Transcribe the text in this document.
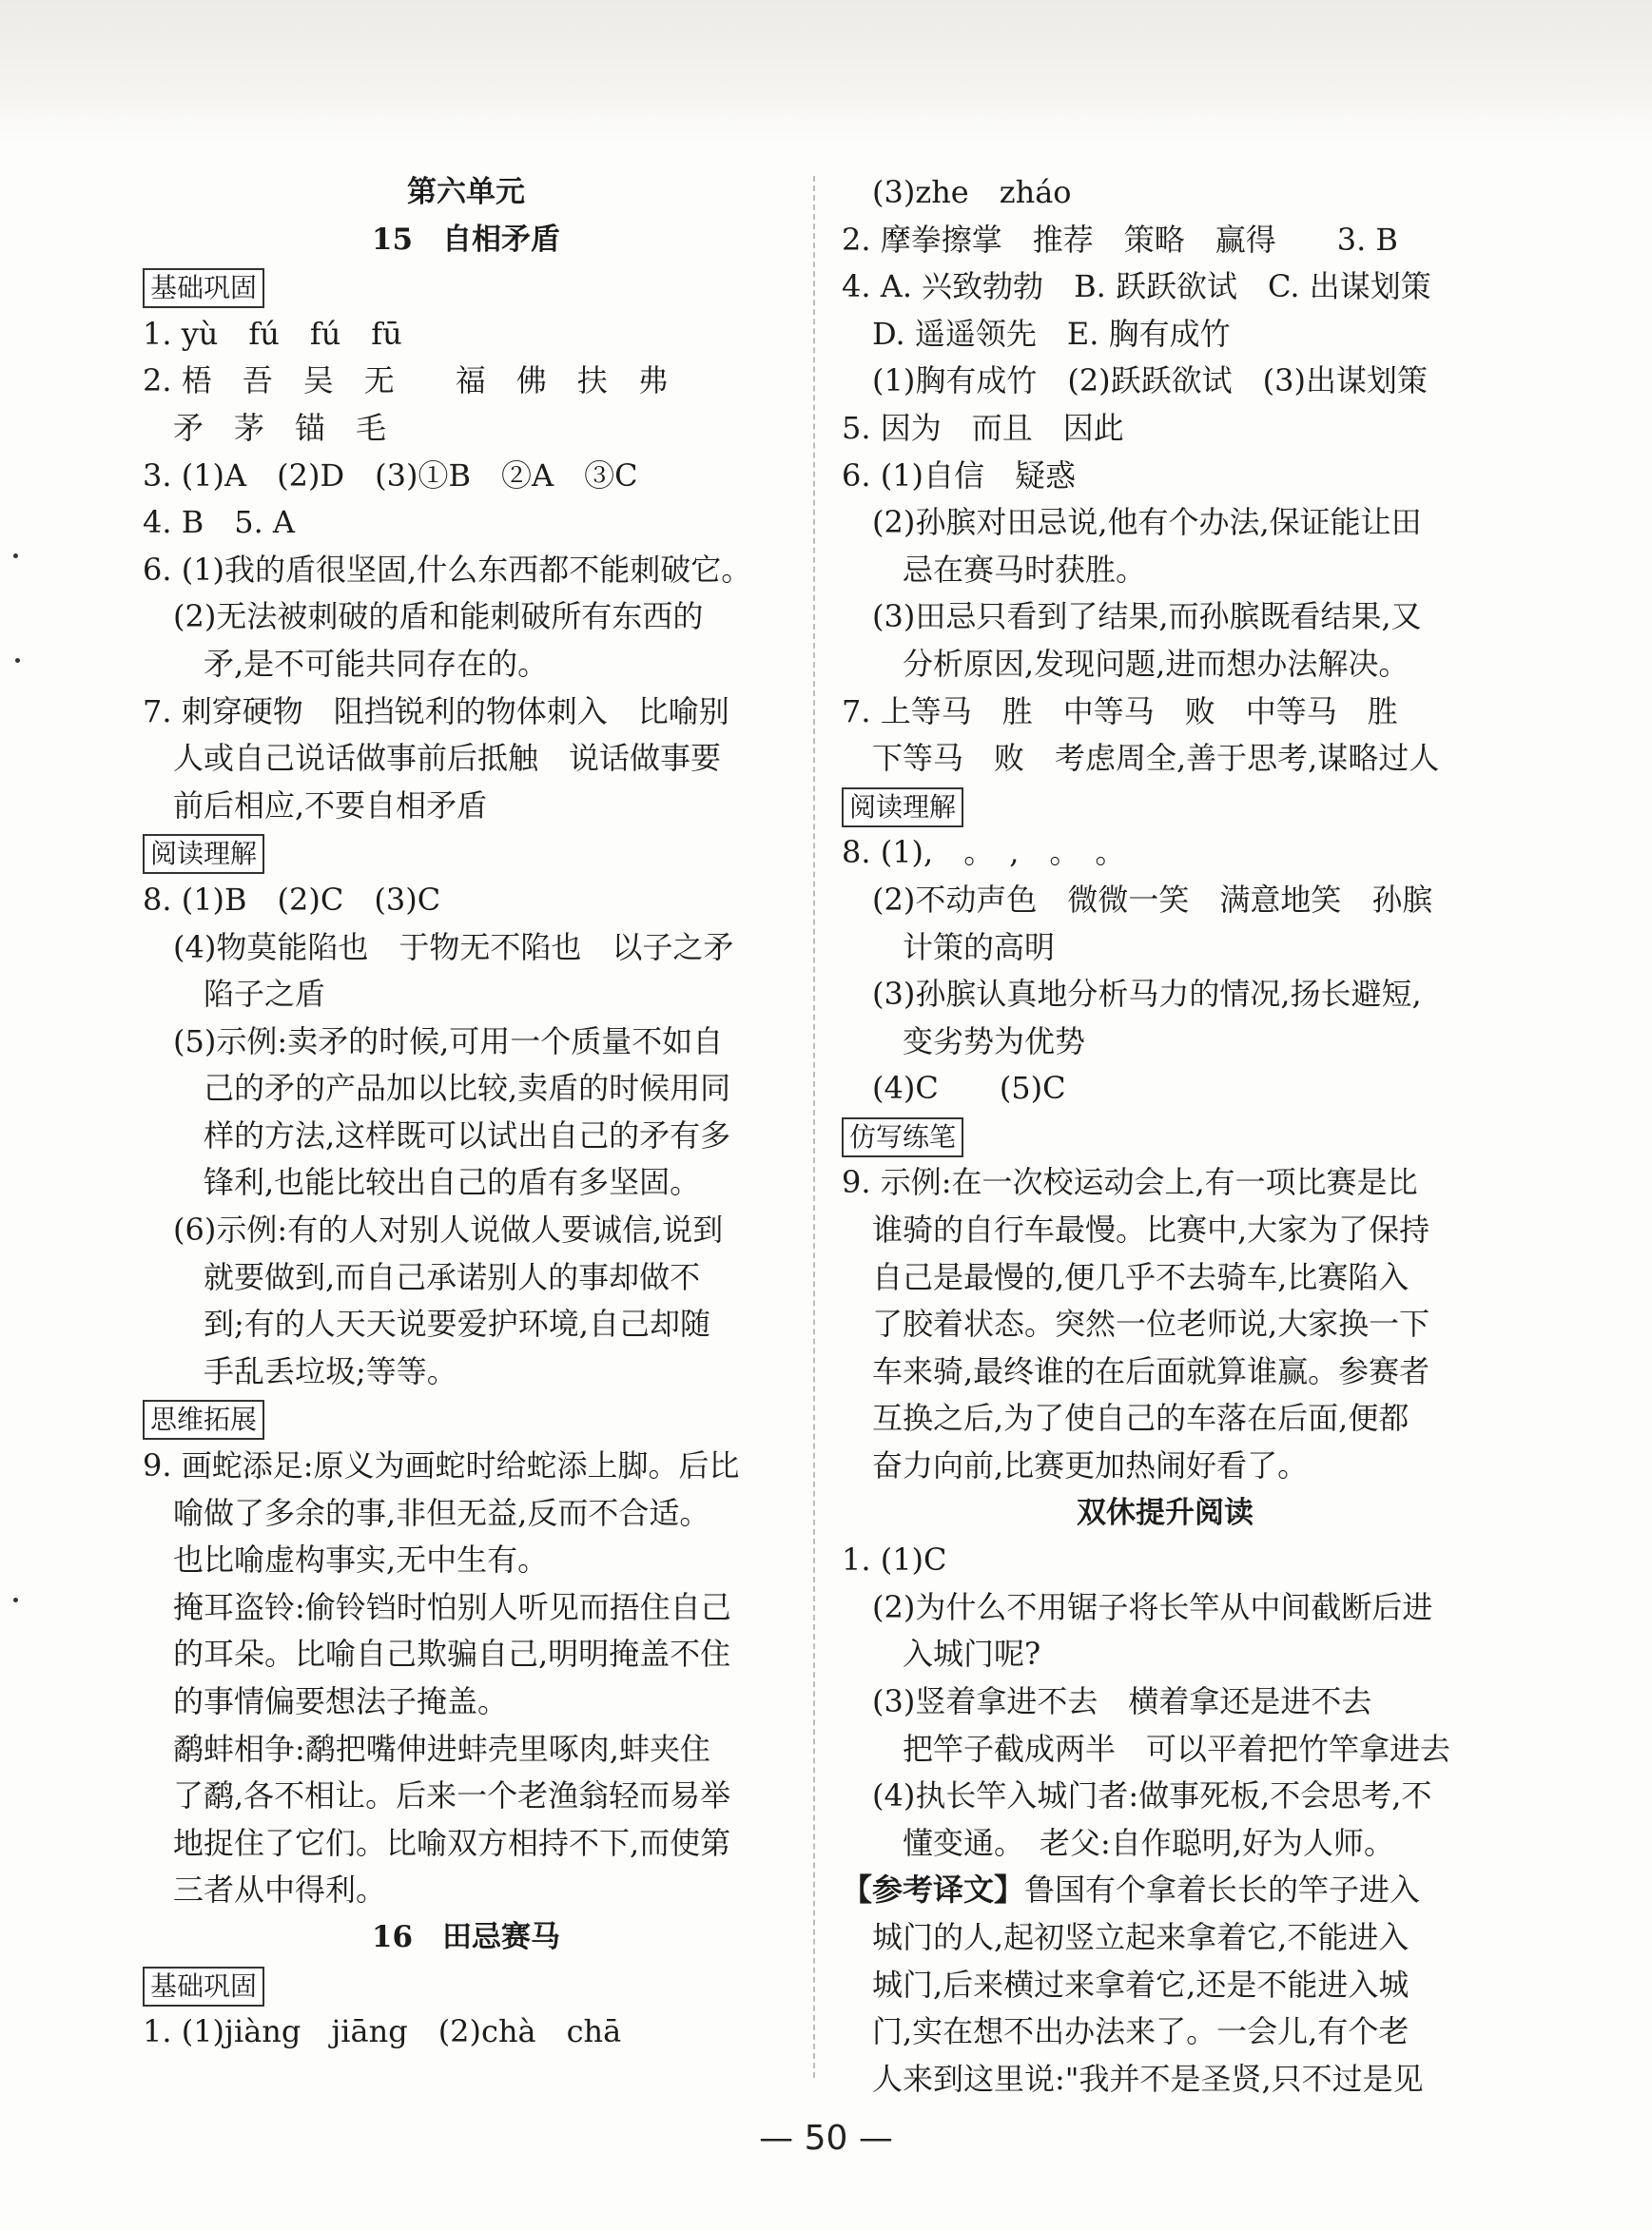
第六单元
15　自相矛盾
基础巩固
1. yù　fú　fú　fū
2. 梧　吾　吴　无　　福　佛　扶　弗
　矛　茅　锚　毛
3. (1)A　(2)D　(3)①B　②A　③C
4. B　5. A
6. (1)我的盾很坚固,什么东西都不能刺破它。
　(2)无法被刺破的盾和能刺破所有东西的
　　矛,是不可能共同存在的。
7. 刺穿硬物　阻挡锐利的物体刺入　比喻别
　人或自己说话做事前后抵触　说话做事要
　前后相应,不要自相矛盾
阅读理解
8. (1)B　(2)C　(3)C
　(4)物莫能陷也　于物无不陷也　以子之矛
　　陷子之盾
　(5)示例:卖矛的时候,可用一个质量不如自
　　己的矛的产品加以比较,卖盾的时候用同
　　样的方法,这样既可以试出自己的矛有多
　　锋利,也能比较出自己的盾有多坚固。
　(6)示例:有的人对别人说做人要诚信,说到
　　就要做到,而自己承诺别人的事却做不
　　到;有的人天天说要爱护环境,自己却随
　　手乱丢垃圾;等等。
思维拓展
9. 画蛇添足:原义为画蛇时给蛇添上脚。后比
　喻做了多余的事,非但无益,反而不合适。
　也比喻虚构事实,无中生有。
　掩耳盗铃:偷铃铛时怕别人听见而捂住自己
　的耳朵。比喻自己欺骗自己,明明掩盖不住
　的事情偏要想法子掩盖。
　鹬蚌相争:鹬把嘴伸进蚌壳里啄肉,蚌夹住
　了鹬,各不相让。后来一个老渔翁轻而易举
　地捉住了它们。比喻双方相持不下,而使第
　三者从中得利。
16　田忌赛马
基础巩固
1. (1)jiàng　jiāng　(2)chà　chā
　(3)zhe　zháo
2. 摩拳擦掌　推荐　策略　赢得　　3. B
4. A. 兴致勃勃　B. 跃跃欲试　C. 出谋划策
　D. 遥遥领先　E. 胸有成竹
　(1)胸有成竹　(2)跃跃欲试　(3)出谋划策
5. 因为　而且　因此
6. (1)自信　疑惑
　(2)孙膑对田忌说,他有个办法,保证能让田
　　忌在赛马时获胜。
　(3)田忌只看到了结果,而孙膑既看结果,又
　　分析原因,发现问题,进而想办法解决。
7. 上等马　胜　中等马　败　中等马　胜
　下等马　败　考虑周全,善于思考,谋略过人
阅读理解
8. (1),　。　,　。　。
　(2)不动声色　微微一笑　满意地笑　孙膑
　　计策的高明
　(3)孙膑认真地分析马力的情况,扬长避短,
　　变劣势为优势
　(4)C　　(5)C
仿写练笔
9. 示例:在一次校运动会上,有一项比赛是比
　谁骑的自行车最慢。比赛中,大家为了保持
　自己是最慢的,便几乎不去骑车,比赛陷入
　了胶着状态。突然一位老师说,大家换一下
　车来骑,最终谁的在后面就算谁赢。参赛者
　互换之后,为了使自己的车落在后面,便都
　奋力向前,比赛更加热闹好看了。
双休提升阅读
1. (1)C
　(2)为什么不用锯子将长竿从中间截断后进
　　入城门呢?
　(3)竖着拿进不去　横着拿还是进不去
　　把竿子截成两半　可以平着把竹竿拿进去
　(4)执长竿入城门者:做事死板,不会思考,不
　　懂变通。　老父:自作聪明,好为人师。
【参考译文】鲁国有个拿着长长的竿子进入
　城门的人,起初竖立起来拿着它,不能进入
　城门,后来横过来拿着它,还是不能进入城
　门,实在想不出办法来了。一会儿,有个老
　人来到这里说:"我并不是圣贤,只不过是见
— 50 —
